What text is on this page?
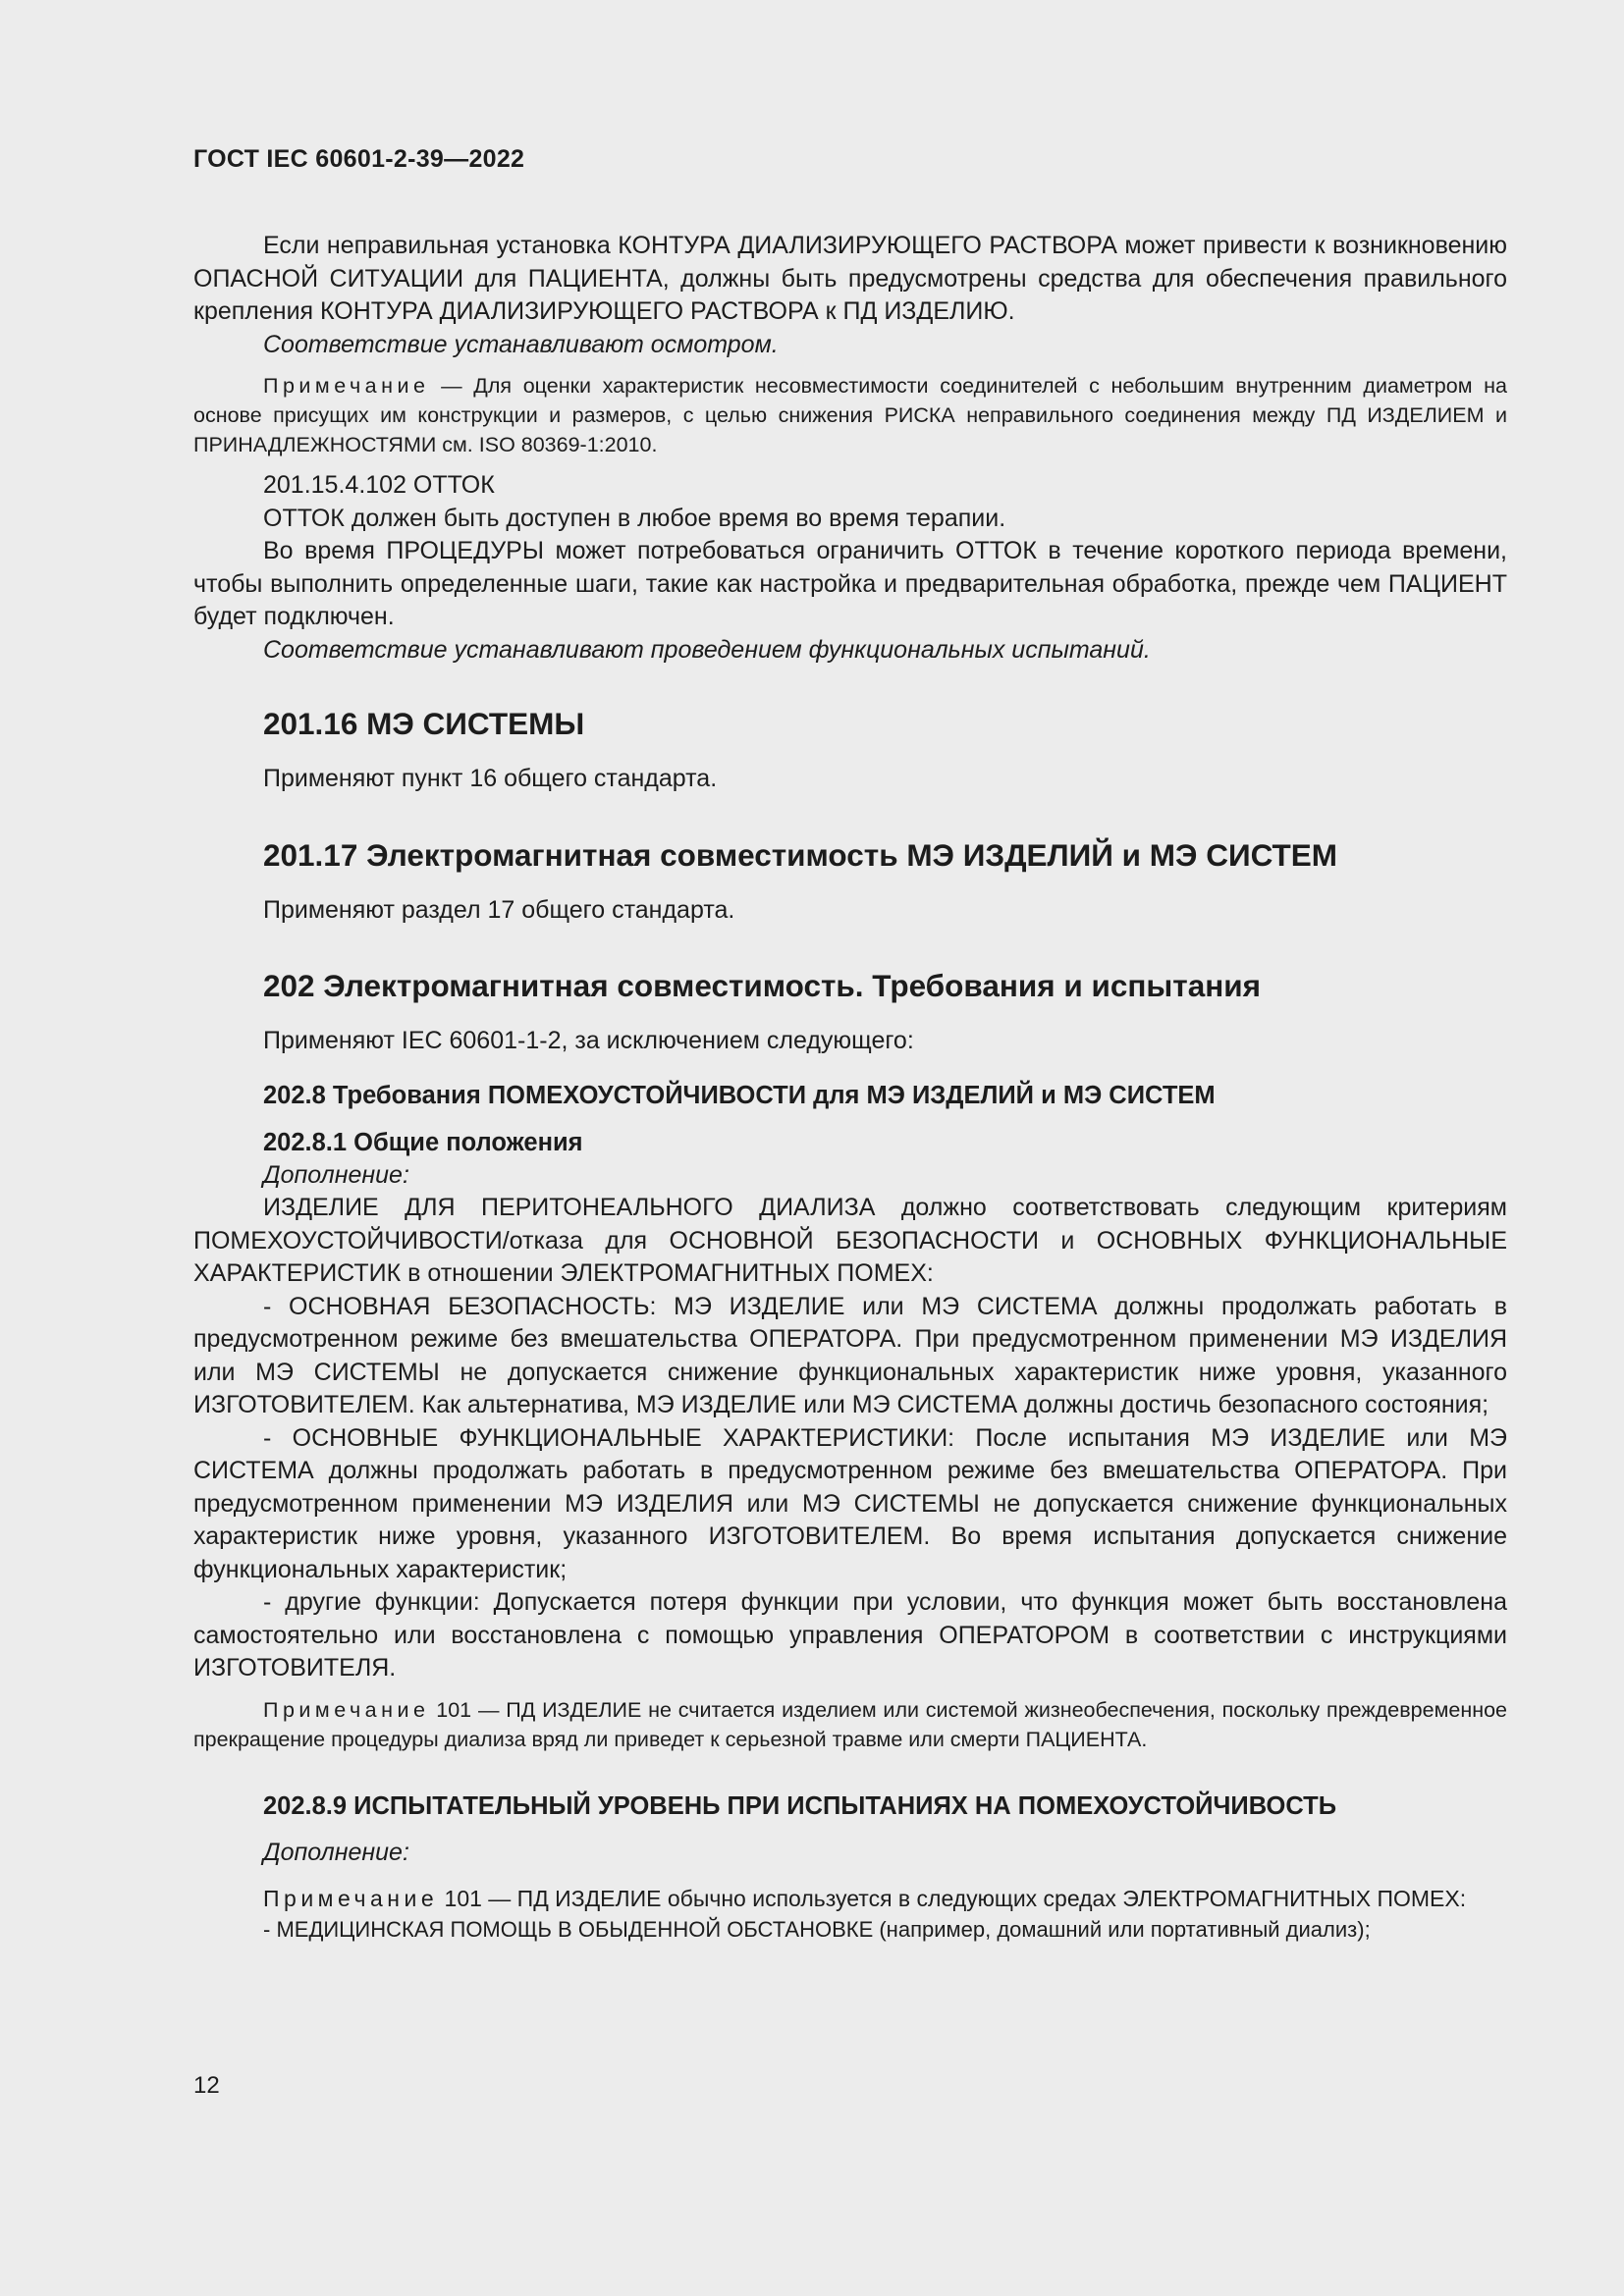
ГОСТ IEC 60601-2-39—2022

Если неправильная установка КОНТУРА ДИАЛИЗИРУЮЩЕГО РАСТВОРА может привести к возникновению ОПАСНОЙ СИТУАЦИИ для ПАЦИЕНТА, должны быть предусмотрены средства для обеспечения правильного крепления КОНТУРА ДИАЛИЗИРУЮЩЕГО РАСТВОРА к ПД ИЗДЕЛИЮ.

Соответствие устанавливают осмотром.

Примечание — Для оценки характеристик несовместимости соединителей с небольшим внутренним диаметром на основе присущих им конструкции и размеров, с целью снижения РИСКА неправильного соединения между ПД ИЗДЕЛИЕМ и ПРИНАДЛЕЖНОСТЯМИ см. ISO 80369-1:2010.

201.15.4.102 ОТТОК

ОТТОК должен быть доступен в любое время во время терапии.

Во время ПРОЦЕДУРЫ может потребоваться ограничить ОТТОК в течение короткого периода времени, чтобы выполнить определенные шаги, такие как настройка и предварительная обработка, прежде чем ПАЦИЕНТ будет подключен.

Соответствие устанавливают проведением функциональных испытаний.

201.16 МЭ СИСТЕМЫ

Применяют пункт 16 общего стандарта.

201.17 Электромагнитная совместимость МЭ ИЗДЕЛИЙ и МЭ СИСТЕМ

Применяют раздел 17 общего стандарта.

202 Электромагнитная совместимость. Требования и испытания

Применяют IEC 60601-1-2, за исключением следующего:

202.8 Требования ПОМЕХОУСТОЙЧИВОСТИ для МЭ ИЗДЕЛИЙ и МЭ СИСТЕМ
202.8.1 Общие положения

Дополнение:

ИЗДЕЛИЕ ДЛЯ ПЕРИТОНЕАЛЬНОГО ДИАЛИЗА должно соответствовать следующим критериям ПОМЕХОУСТОЙЧИВОСТИ/отказа для ОСНОВНОЙ БЕЗОПАСНОСТИ и ОСНОВНЫХ ФУНКЦИОНАЛЬНЫЕ ХАРАКТЕРИСТИК в отношении ЭЛЕКТРОМАГНИТНЫХ ПОМЕХ:

- ОСНОВНАЯ БЕЗОПАСНОСТЬ: МЭ ИЗДЕЛИЕ или МЭ СИСТЕМА должны продолжать работать в предусмотренном режиме без вмешательства ОПЕРАТОРА. При предусмотренном применении МЭ ИЗДЕЛИЯ или МЭ СИСТЕМЫ не допускается снижение функциональных характеристик ниже уровня, указанного ИЗГОТОВИТЕЛЕМ. Как альтернатива, МЭ ИЗДЕЛИЕ или МЭ СИСТЕМА должны достичь безопасного состояния;

- ОСНОВНЫЕ ФУНКЦИОНАЛЬНЫЕ ХАРАКТЕРИСТИКИ: После испытания МЭ ИЗДЕЛИЕ или МЭ СИСТЕМА должны продолжать работать в предусмотренном режиме без вмешательства ОПЕРАТОРА. При предусмотренном применении МЭ ИЗДЕЛИЯ или МЭ СИСТЕМЫ не допускается снижение функциональных характеристик ниже уровня, указанного ИЗГОТОВИТЕЛЕМ. Во время испытания допускается снижение функциональных характеристик;

- другие функции: Допускается потеря функции при условии, что функция может быть восстановлена самостоятельно или восстановлена с помощью управления ОПЕРАТОРОМ в соответствии с инструкциями ИЗГОТОВИТЕЛЯ.

Примечание 101 — ПД ИЗДЕЛИЕ не считается изделием или системой жизнеобеспечения, поскольку преждевременное прекращение процедуры диализа вряд ли приведет к серьезной травме или смерти ПАЦИЕНТА.

202.8.9 ИСПЫТАТЕЛЬНЫЙ УРОВЕНЬ ПРИ ИСПЫТАНИЯХ НА ПОМЕХОУСТОЙЧИВОСТЬ

Дополнение:

Примечание 101 — ПД ИЗДЕЛИЕ обычно используется в следующих средах ЭЛЕКТРОМАГНИТНЫХ ПОМЕХ:

- МЕДИЦИНСКАЯ ПОМОЩЬ В ОБЫДЕННОЙ ОБСТАНОВКЕ (например, домашний или портативный диализ);

12
